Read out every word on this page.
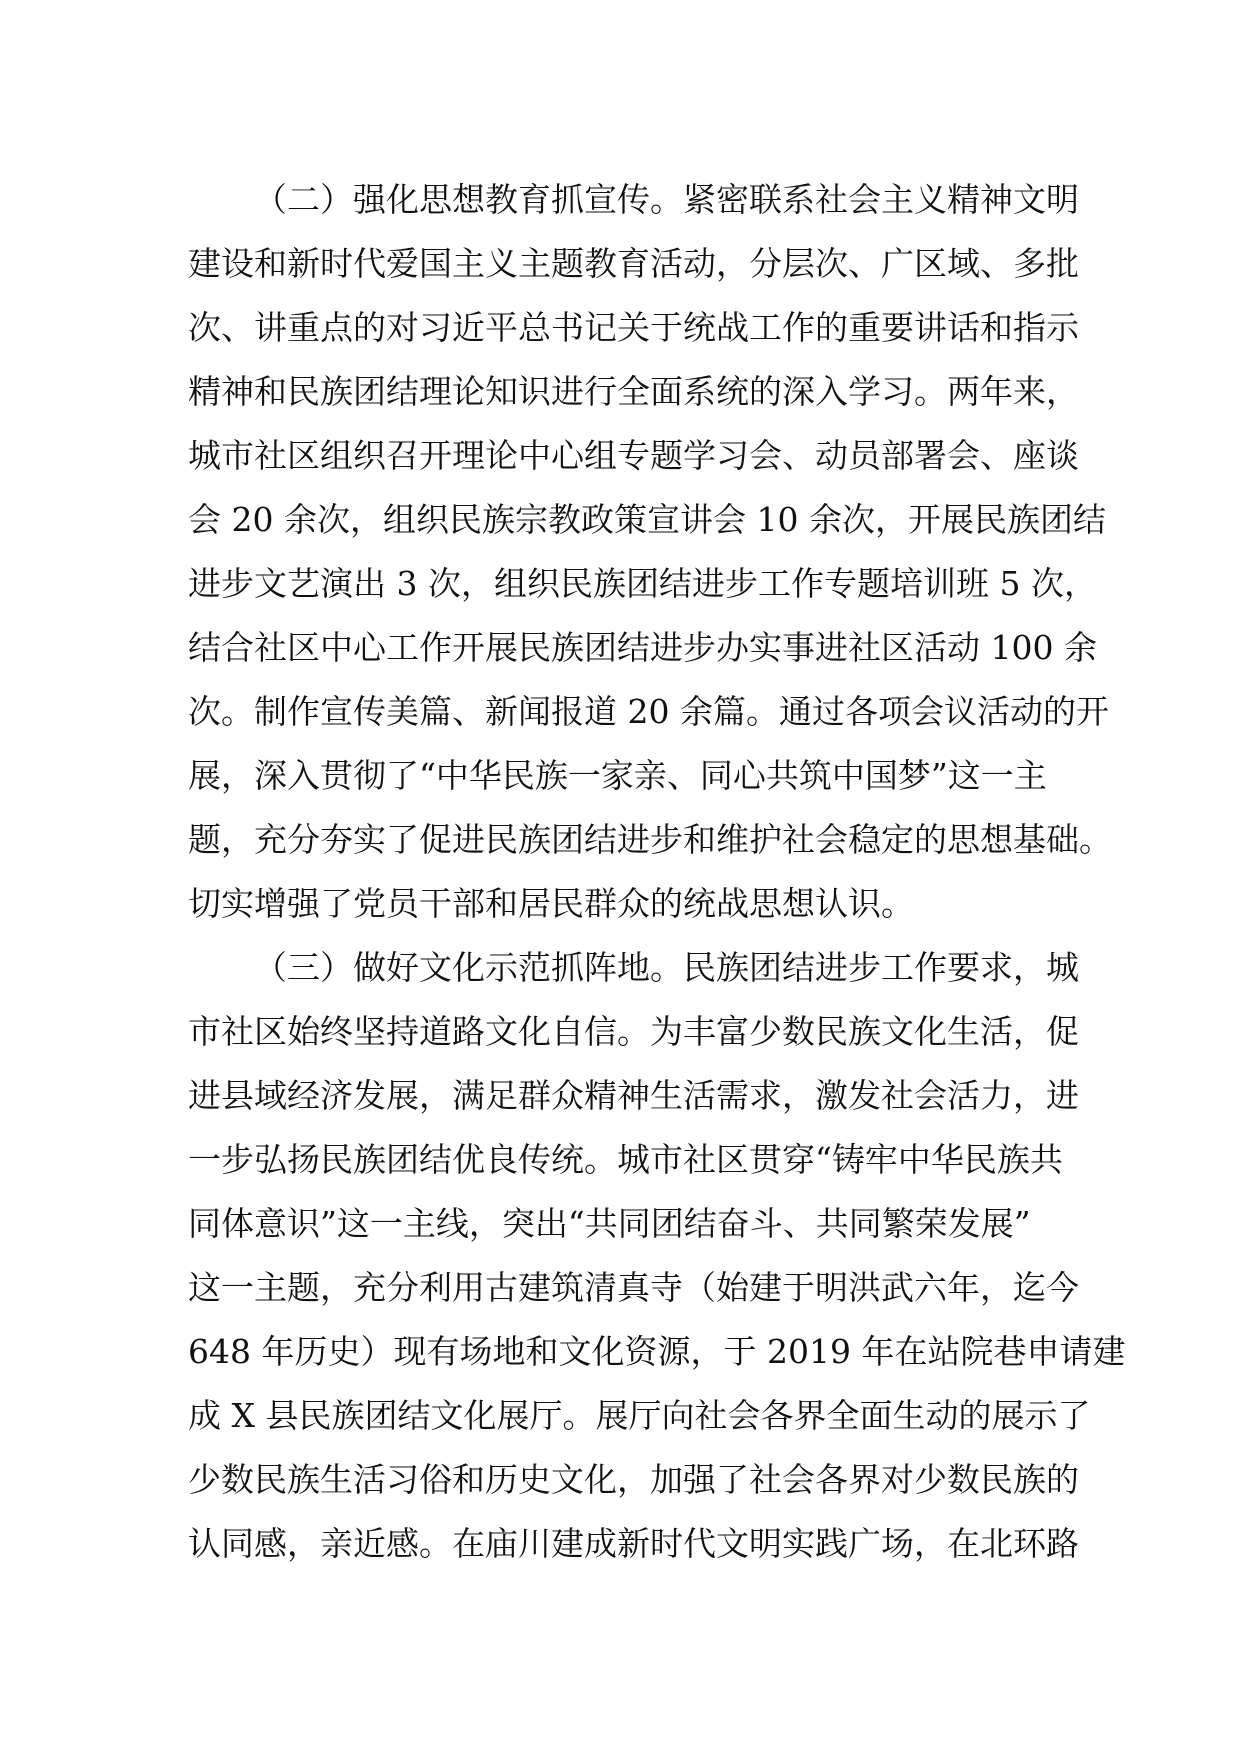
（二）强化思想教育抓宣传。紧密联系社会主义精神文明
建设和新时代爱国主义主题教育活动，分层次、广区域、多批
次、讲重点的对习近平总书记关于统战工作的重要讲话和指示
精神和民族团结理论知识进行全面系统的深入学习。两年来，
城市社区组织召开理论中心组专题学习会、动员部署会、座谈
会 20 余次，组织民族宗教政策宣讲会 10 余次，开展民族团结
进步文艺演出 3 次，组织民族团结进步工作专题培训班 5 次，
结合社区中心工作开展民族团结进步办实事进社区活动 100 余
次。制作宣传美篇、新闻报道 20 余篇。通过各项会议活动的开
展，深入贯彻了“中华民族一家亲、同心共筑中国梦”这一主
题，充分夯实了促进民族团结进步和维护社会稳定的思想基础。
切实增强了党员干部和居民群众的统战思想认识。
（三）做好文化示范抓阵地。民族团结进步工作要求，城
市社区始终坚持道路文化自信。为丰富少数民族文化生活，促
进县域经济发展，满足群众精神生活需求，激发社会活力，进
一步弘扬民族团结优良传统。城市社区贯穿“铸牢中华民族共
同体意识”这一主线，突出“共同团结奋斗、共同繁荣发展”
这一主题，充分利用古建筑清真寺（始建于明洪武六年，迄今
648 年历史）现有场地和文化资源，于 2019 年在站院巷申请建
成 X 县民族团结文化展厅。展厅向社会各界全面生动的展示了
少数民族生活习俗和历史文化，加强了社会各界对少数民族的
认同感，亲近感。在庙川建成新时代文明实践广场，在北环路
